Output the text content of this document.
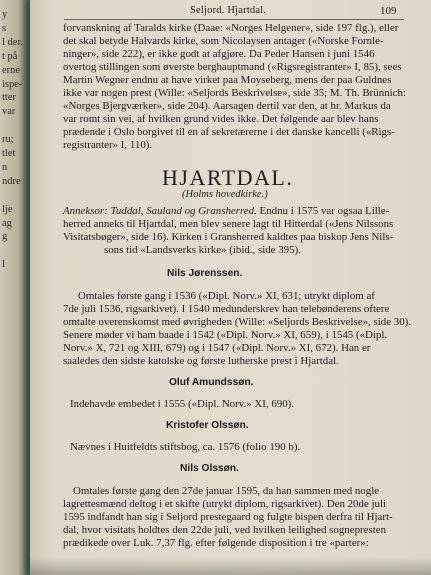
y
s
l der.
t på
erne
ispe-
tter
var
ru;
tlet
n
ndre
lje
ag
g
l
Seljord. Hjartdal.	109
forvanskning af Taralds kirke (Daae: «Norges Helgener», side 197 flg.), eller
det skal betyde Halvards kirke, som Nicolaysen antager («Norske Fornle-
ninger», side 222), er ikke godt at afgjøre. Da Peder Hansen i juni 1546
overtog stillingen som øverste berghauptmand («Rigsregistranter» I, 85), sees
Martin Wegner endnu at have virket paa Moyseberg, mens der paa Guldnes
ikke var nogen prest (Wille: «Seljords Beskrivelse», side 35; M. Th. Brünnich:
«Norges Bjergværker», side 204). Aarsagen dertil var den, at hr. Markus da
var romt sin vei, af hvilken grund vides ikke. Det følgende aar blev hans
prædende i Oslo borgivet til en af sekretærerne i det danske kancelli («Rigs-
registranter» I, 110).
HJARTDAL.
(Holms hovedkirke.)
Anneksor: Tuddal, Sauland og Gransherred. Endnu i 1575 var ogsaa Lille-
herred anneks til Hjartdal, men blev senere lagt til Hitterdal («Jens Nilssons
Visitatsbøger», side 16). Kirken i Gransherred kaldtes paa biskop Jens Nils-
sons tid «Landsverks kirke» (ibid., side 395).
Nils Jørenssen.
Omtales første gang i 1536 («Dipl. Norv.» XI, 631; utrykt diplom af
7de juli 1536, rigsarkivet). I 1540 medunderskrev han telebønderens oftere
omtalte overenskomst med øvrigheden (Wille: «Seljords Beskrivelse», side 30).
Senere møder vi ham baade i 1542 («Dipl. Norv.» XI, 659), i 1545 («Dipl.
Norv.» X, 721 og XIII, 679) og i 1547 («Dipl. Norv.» XI, 672). Han er
saaledes den sidste katolske og første lutherske prest i Hjartdal.
Oluf Amundssøn.
Indehavde embedet i 1555 («Dipl. Norv.» XI, 690).
Kristofer Olssøn.
Nævnes i Huitfeldts stiftsbog, ca. 1576 (folio 190 b).
Nils Olssøn.
Omtales første gang den 27de januar 1595, da han sammen med nogle
lagrettesmænd deltog i et skifte (utrykt diplom, rigsarkivet). Den 20de juli
1595 indfandt han sig i Seljord prestegaard og fulgte bispen derfra til Hjart-
dal, hvor visitats holdtes den 22de juli, ved hvilken leilighed sognepresten
prædikede over Luk. 7,37 flg. efter følgende disposition i tre «parter»:
